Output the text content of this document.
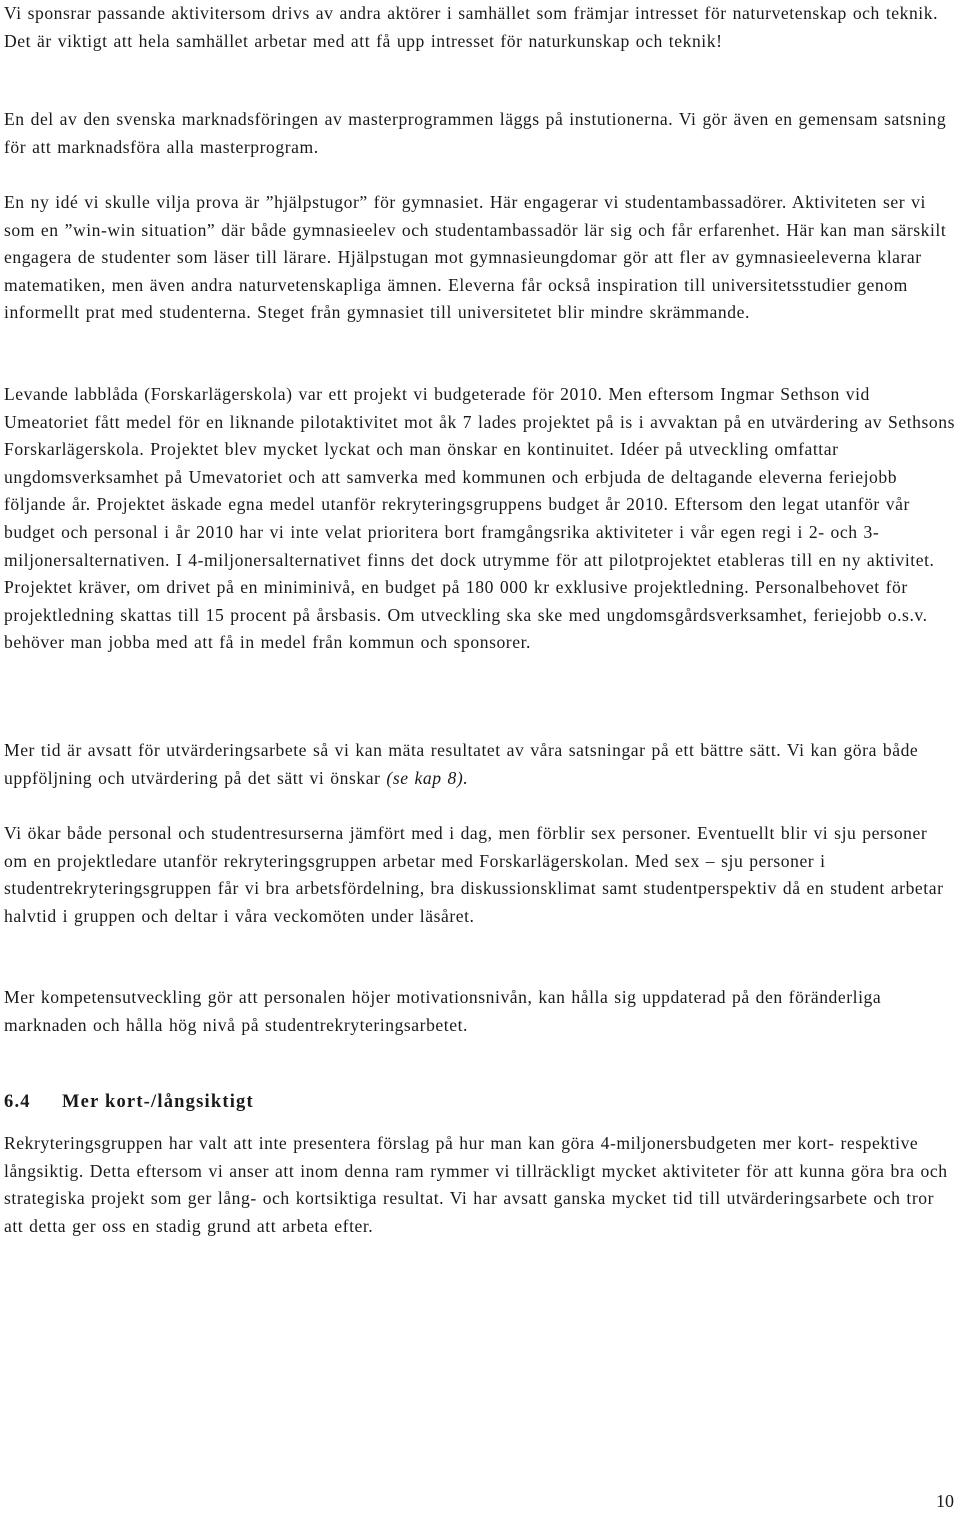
Vi sponsrar passande aktivitersom drivs av andra aktörer i samhället som främjar intresset för naturvetenskap och teknik. Det är viktigt att hela samhället arbetar med att få upp intresset för naturkunskap och teknik!

En del av den svenska marknadsföringen av masterprogrammen läggs på instutionerna. Vi gör även en gemensam satsning för att marknadsföra alla masterprogram.

En ny idé vi skulle vilja prova är ”hjälpstugor” för gymnasiet. Här engagerar vi studentambassadörer. Aktiviteten ser vi som en ”win-win situation” där både gymnasieelev och studentambassadör lär sig och får erfarenhet. Här kan man särskilt engagera de studenter som läser till lärare. Hjälpstugan mot gymnasieungdomar gör att fler av gymnasieeleverna klarar matematiken, men även andra naturvetenskapliga ämnen. Eleverna får också inspiration till universitetsstudier genom informellt prat med studenterna. Steget från gymnasiet till universitetet blir mindre skrämmande.

Levande labblåda (Forskarlägerskola) var ett projekt vi budgeterade för 2010. Men eftersom Ingmar Sethson vid Umeatoriet fått medel för en liknande pilotaktivitet mot åk 7 lades projektet på is i avvaktan på en utvärdering av Sethsons Forskarlägerskola. Projektet blev mycket lyckat och man önskar en kontinuitet. Idéer på utveckling omfattar ungdomsverksamhet på Umevatoriet och att samverka med kommunen och erbjuda de deltagande eleverna feriejobb följande år. Projektet äskade egna medel utanför rekryteringsgruppens budget år 2010. Eftersom den legat utanför vår budget och personal i år 2010 har vi inte velat prioritera bort framgångsrika aktiviteter i vår egen regi i 2- och 3-miljonersalternativen. I 4-miljonersalternativet finns det dock utrymme för att pilotprojektet etableras till en ny aktivitet. Projektet kräver, om drivet på en miniminivå, en budget på 180 000 kr exklusive projektledning. Personalbehovet för projektledning skattas till 15 procent på årsbasis. Om utveckling ska ske med ungdomsgårdsverksamhet, feriejobb o.s.v. behöver man jobba med att få in medel från kommun och sponsorer.

Mer tid är avsatt för utvärderingsarbete så vi kan mäta resultatet av våra satsningar på ett bättre sätt. Vi kan göra både uppföljning och utvärdering på det sätt vi önskar (se kap 8).

Vi ökar både personal och studentresurserna jämfört med i dag, men förblir sex personer. Eventuellt blir vi sju personer om en projektledare utanför rekryteringsgruppen arbetar med Forskarlägerskolan. Med sex – sju personer i studentrekryteringsgruppen får vi bra arbetsfördelning, bra diskussionsklimat samt studentperspektiv då en student arbetar halvtid i gruppen och deltar i våra veckomöten under läsåret.

Mer kompetensutveckling gör att personalen höjer motivationsnivån, kan hålla sig uppdaterad på den föränderliga marknaden och hålla hög nivå på studentrekryteringsarbetet.

6.4 Mer kort-/långsiktigt

Rekryteringsgruppen har valt att inte presentera förslag på hur man kan göra 4-miljonersbudgeten mer kort- respektive långsiktig. Detta eftersom vi anser att inom denna ram rymmer vi tillräckligt mycket aktiviteter för att kunna göra bra och strategiska projekt som ger lång- och kortsiktiga resultat. Vi har avsatt ganska mycket tid till utvärderingsarbete och tror att detta ger oss en stadig grund att arbeta efter.

10
